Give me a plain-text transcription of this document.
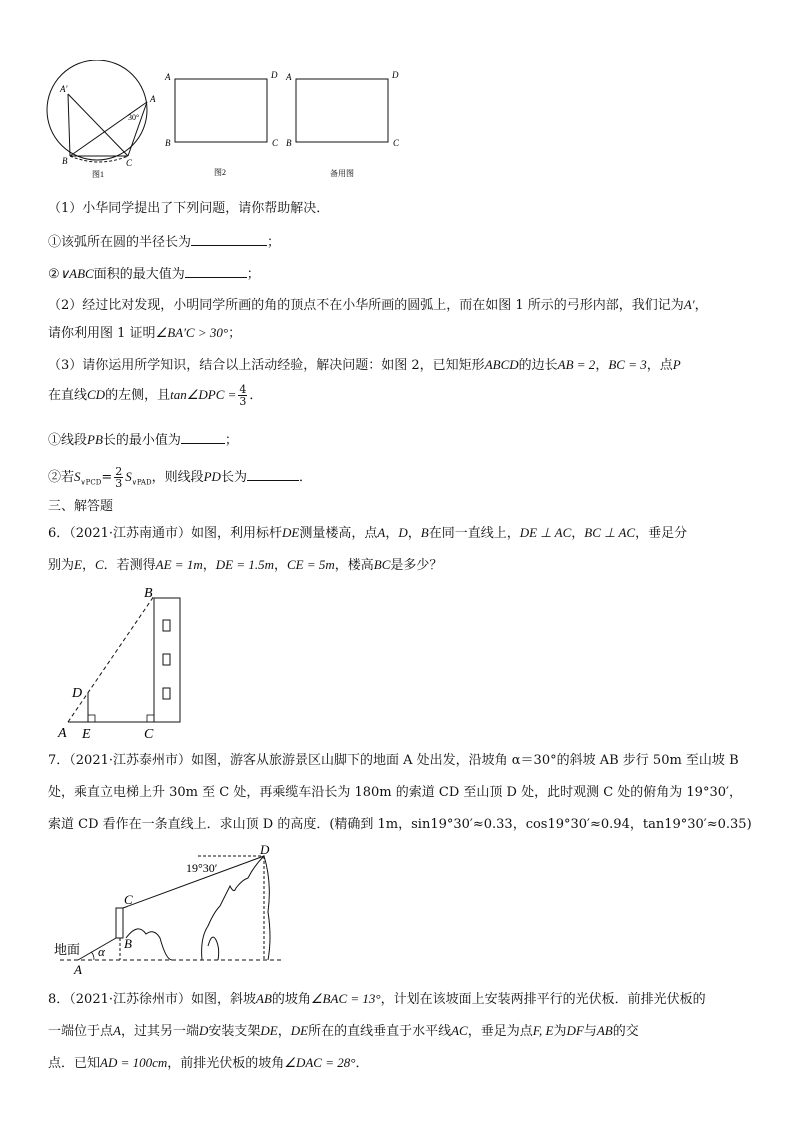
A′
A
B	C
30°
图1
A	D
B	C
图2
A	D
B	C
备用图
（1）小华同学提出了下列问题，请你帮助解决．
①该弧所在圆的半径长为	；
②∨ABC面积的最大值为	；
（2）经过比对发现，小明同学所画的角的顶点不在小华所画的圆弧上，而在如图 1 所示的弓形内部，我们记为A′，
请你利用图 1 证明∠BA′C > 30°；
（3）请你运用所学知识，结合以上活动经验，解决问题：如图 2，已知矩形ABCD的边长AB = 2，BC = 3，点P
在直线CD的左侧，且tan∠DPC = $\frac{4}{3}$ ．
①线段PB长的最小值为	；
②若$S_{\vee PCD}= \frac{2}{3} S_{\vee PAD}$，则线段PD长为	．
三、解答题
6．（2021·江苏南通市）如图，利用标杆DE测量楼高，点A，D，B在同一直线上，DE ⊥ AC，BC ⊥ AC，垂足分
别为E，C．若测得AE = 1m，DE = 1.5m，CE = 5m，楼高BC是多少？
B
D
A E	C
7．（2021·江苏泰州市）如图，游客从旅游景区山脚下的地面 A 处出发，沿坡角 α＝30°的斜坡 AB 步行 50m 至山坡 B
处，乘直立电梯上升 30m 至 C 处，再乘缆车沿长为 180m 的索道 CD 至山顶 D 处，此时观测 C 处的俯角为 19°30′，
索道 CD 看作在一条直线上．求山顶 D 的高度．(精确到 1m，sin19°30′≈0.33，cos19°30′≈0.94，tan19°30′≈0.35)
D
19°30′
C
B
地面 α
A
8．（2021·江苏徐州市）如图，斜坡AB的坡角∠BAC = 13°，计划在该坡面上安装两排平行的光伏板．前排光伏板的
一端位于点A，过其另一端D安装支架DE，DE所在的直线垂直于水平线AC，垂足为点F, E为DF与AB的交
点．已知AD = 100cm，前排光伏板的坡角∠DAC = 28°．
